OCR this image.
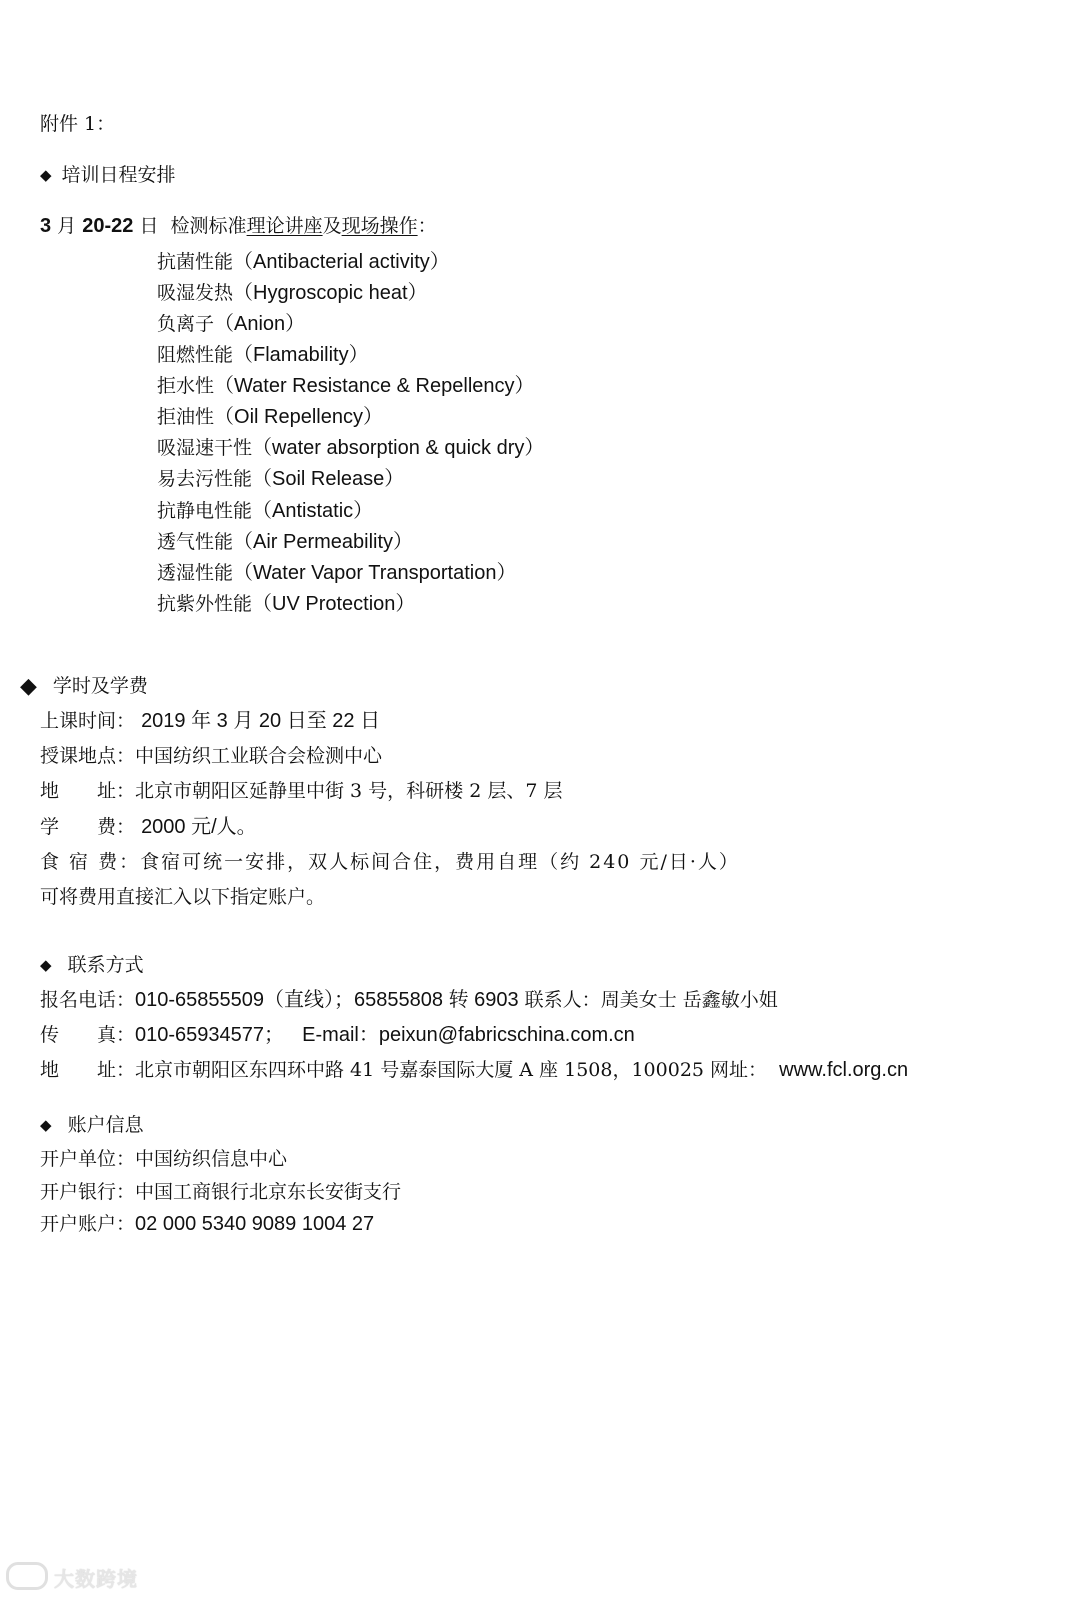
附件 1：
◆ 培训日程安排
3 月 20-22 日 检测标准理论讲座及现场操作：
抗菌性能（Antibacterial activity）
吸湿发热（Hygroscopic heat）
负离子（Anion）
阻燃性能（Flamability）
拒水性（Water Resistance & Repellency）
拒油性（Oil Repellency）
吸湿速干性（water absorption & quick dry）
易去污性能（Soil Release）
抗静电性能（Antistatic）
透气性能（Air Permeability）
透湿性能（Water Vapor Transportation）
抗紫外性能（UV Protection）
◆ 学时及学费
上课时间： 2019 年 3 月 20 日至 22 日
授课地点：中国纺织工业联合会检测中心
地　　址：北京市朝阳区延静里中街 3 号，科研楼 2 层、7 层
学　　费： 2000 元/人。
食 宿 费：食宿可统一安排，双人标间合住，费用自理（约 240 元/日·人）
可将费用直接汇入以下指定账户。
◆ 联系方式
报名电话：010-65855509（直线）；65855808 转 6903 联系人：周美女士 岳鑫敏小姐
传　　真：010-65934577； E-mail：peixun@fabricschina.com.cn
地　　址：北京市朝阳区东四环中路 41 号嘉泰国际大厦 A 座 1508，100025 网址： www.fcl.org.cn
◆ 账户信息
开户单位：中国纺织信息中心
开户银行：中国工商银行北京东长安街支行
开户账户：02 000 5340 9089 1004 27
大数跨境
